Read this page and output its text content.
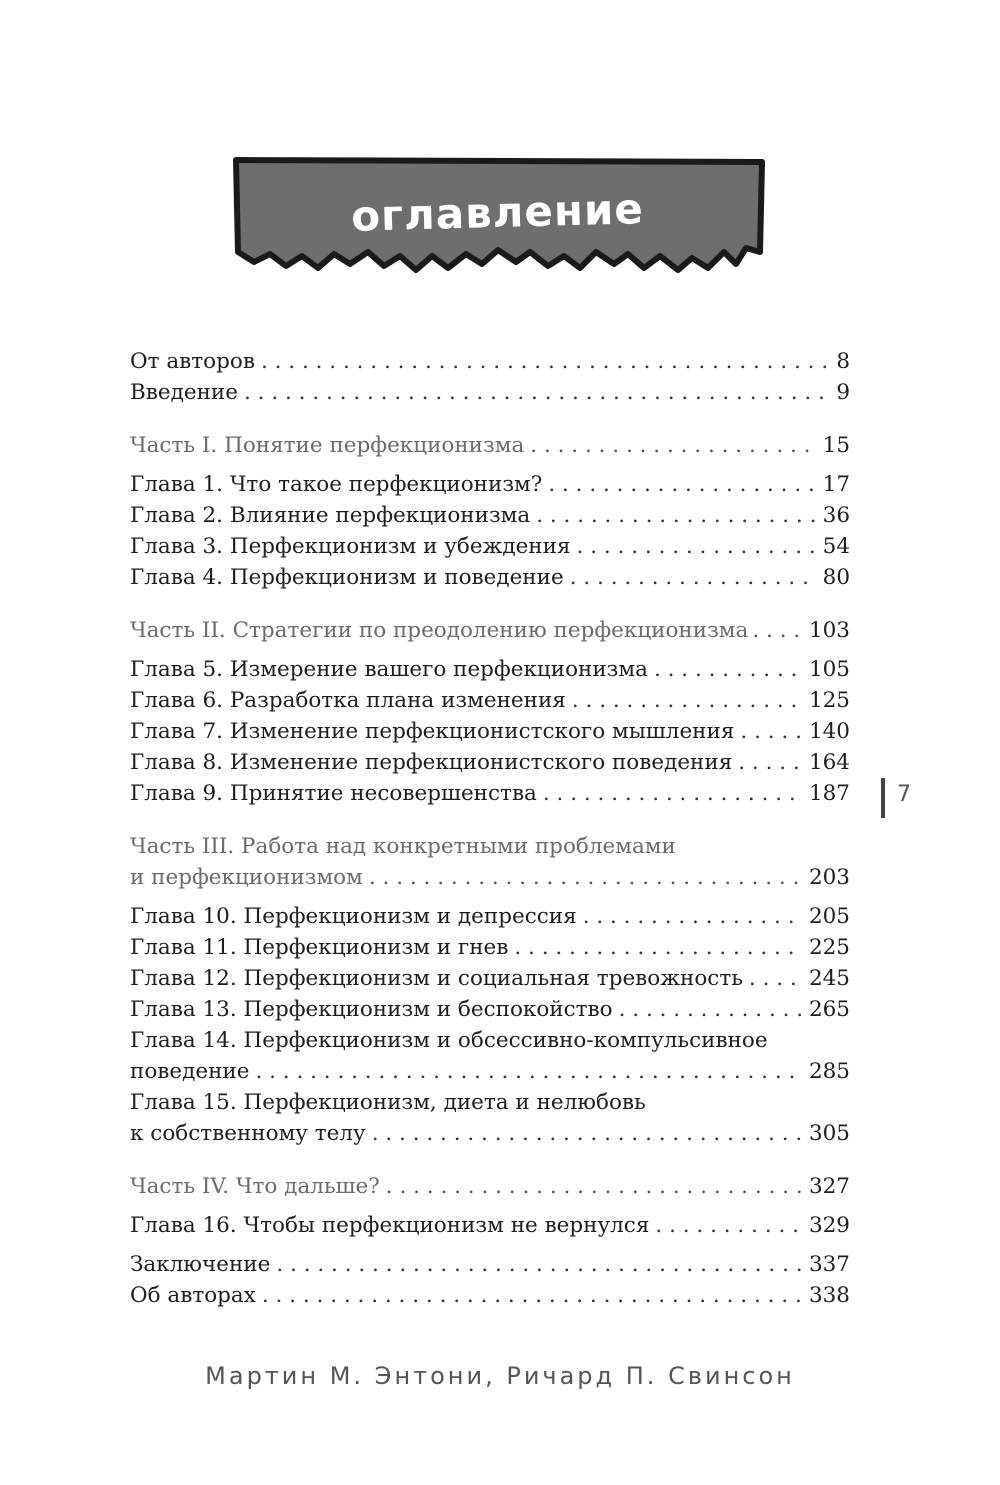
оглавление
От авторов . . .	8
Введение . . .	9
Часть I. Понятие перфекционизма . . .	15
Глава 1. Что такое перфекционизм? . . .	17
Глава 2. Влияние перфекционизма . . .	36
Глава 3. Перфекционизм и убеждения . . .	54
Глава 4. Перфекционизм и поведение . . .	80
Часть II. Стратегии по преодолению перфекционизма . . .	103
Глава 5. Измерение вашего перфекционизма . . .	105
Глава 6. Разработка плана изменения . . .	125
Глава 7. Изменение перфекционистского мышления . . .	140
Глава 8. Изменение перфекционистского поведения . . .	164
Глава 9. Принятие несовершенства . . .	187
Часть III. Работа над конкретными проблемами
и перфекционизмом . . .	203
Глава 10. Перфекционизм и депрессия . . .	205
Глава 11. Перфекционизм и гнев . . .	225
Глава 12. Перфекционизм и социальная тревожность . . .	245
Глава 13. Перфекционизм и беспокойство . . .	265
Глава 14. Перфекционизм и обсессивно-компульсивное
поведение . . .	285
Глава 15. Перфекционизм, диета и нелюбовь
к собственному телу . . .	305
Часть IV. Что дальше? . . .	327
Глава 16. Чтобы перфекционизм не вернулся . . .	329
Заключение . . .	337
Об авторах . . .	338
7
Мартин М. Энтони, Ричард П. Свинсон
